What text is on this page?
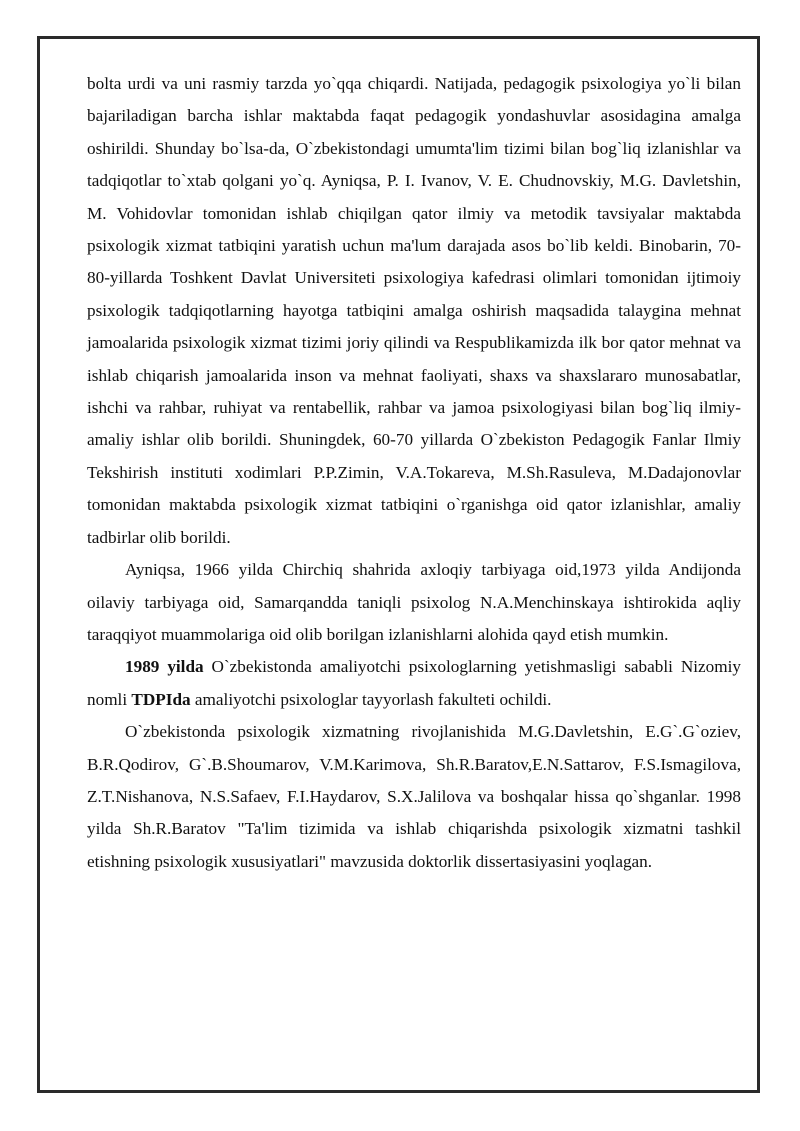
bolta urdi va uni rasmiy tarzda yo`qqa chiqardi. Natijada, pedagogik psixologiya yo`li bilan bajariladigan barcha ishlar maktabda faqat pedagogik yondashuvlar asosidagina amalga oshirildi. Shunday bo`lsa-da, O`zbekistondagi umumta'lim tizimi bilan bog`liq izlanishlar va tadqiqotlar to`xtab qolgani yo`q. Ayniqsa, P. I. Ivanov, V. E. Chudnovskiy, M.G. Davletshin, M. Vohidovlar tomonidan ishlab chiqilgan qator ilmiy va metodik tavsiyalar maktabda psixologik xizmat tatbiqini yaratish uchun ma'lum darajada asos bo`lib keldi. Binobarin, 70-80-yillarda Toshkent Davlat Universiteti psixologiya kafedrasi olimlari tomonidan ijtimoiy psixologik tadqiqotlarning hayotga tatbiqini amalga oshirish maqsadida talaygina mehnat jamoalarida psixologik xizmat tizimi joriy qilindi va Respublikamizda ilk bor qator mehnat va ishlab chiqarish jamoalarida inson va mehnat faoliyati, shaxs va shaxslararo munosabatlar, ishchi va rahbar, ruhiyat va rentabellik, rahbar va jamoa psixologiyasi bilan bog`liq ilmiy-amaliy ishlar olib borildi. Shuningdek, 60-70 yillarda O`zbekiston Pedagogik Fanlar Ilmiy Tekshirish instituti xodimlari P.P.Zimin, V.A.Tokareva, M.Sh.Rasuleva, M.Dadajonovlar tomonidan maktabda psixologik xizmat tatbiqini o`rganishga oid qator izlanishlar, amaliy tadbirlar olib borildi.

Ayniqsa, 1966 yilda Chirchiq shahrida axloqiy tarbiyaga oid,1973 yilda Andijonda oilaviy tarbiyaga oid, Samarqandda taniqli psixolog N.A.Menchinskaya ishtirokida aqliy taraqqiyot muammolariga oid olib borilgan izlanishlarni alohida qayd etish mumkin.

1989 yilda O`zbekistonda amaliyotchi psixologlarning yetishmasligi sababli Nizomiy nomli TDPIda amaliyotchi psixologlar tayyorlash fakulteti ochildi.

O`zbekistonda psixologik xizmatning rivojlanishida M.G.Davletshin, E.G`.G`oziev, B.R.Qodirov, G`.B.Shoumarov, V.M.Karimova, Sh.R.Baratov,E.N.Sattarov, F.S.Ismagilova, Z.T.Nishanova, N.S.Safaev, F.I.Haydarov, S.X.Jalilova va boshqalar hissa qo`shganlar. 1998 yilda Sh.R.Baratov "Ta'lim tizimida va ishlab chiqarishda psixologik xizmatni tashkil etishning psixologik xususiyatlari" mavzusida doktorlik dissertasiyasini yoqlagan.
